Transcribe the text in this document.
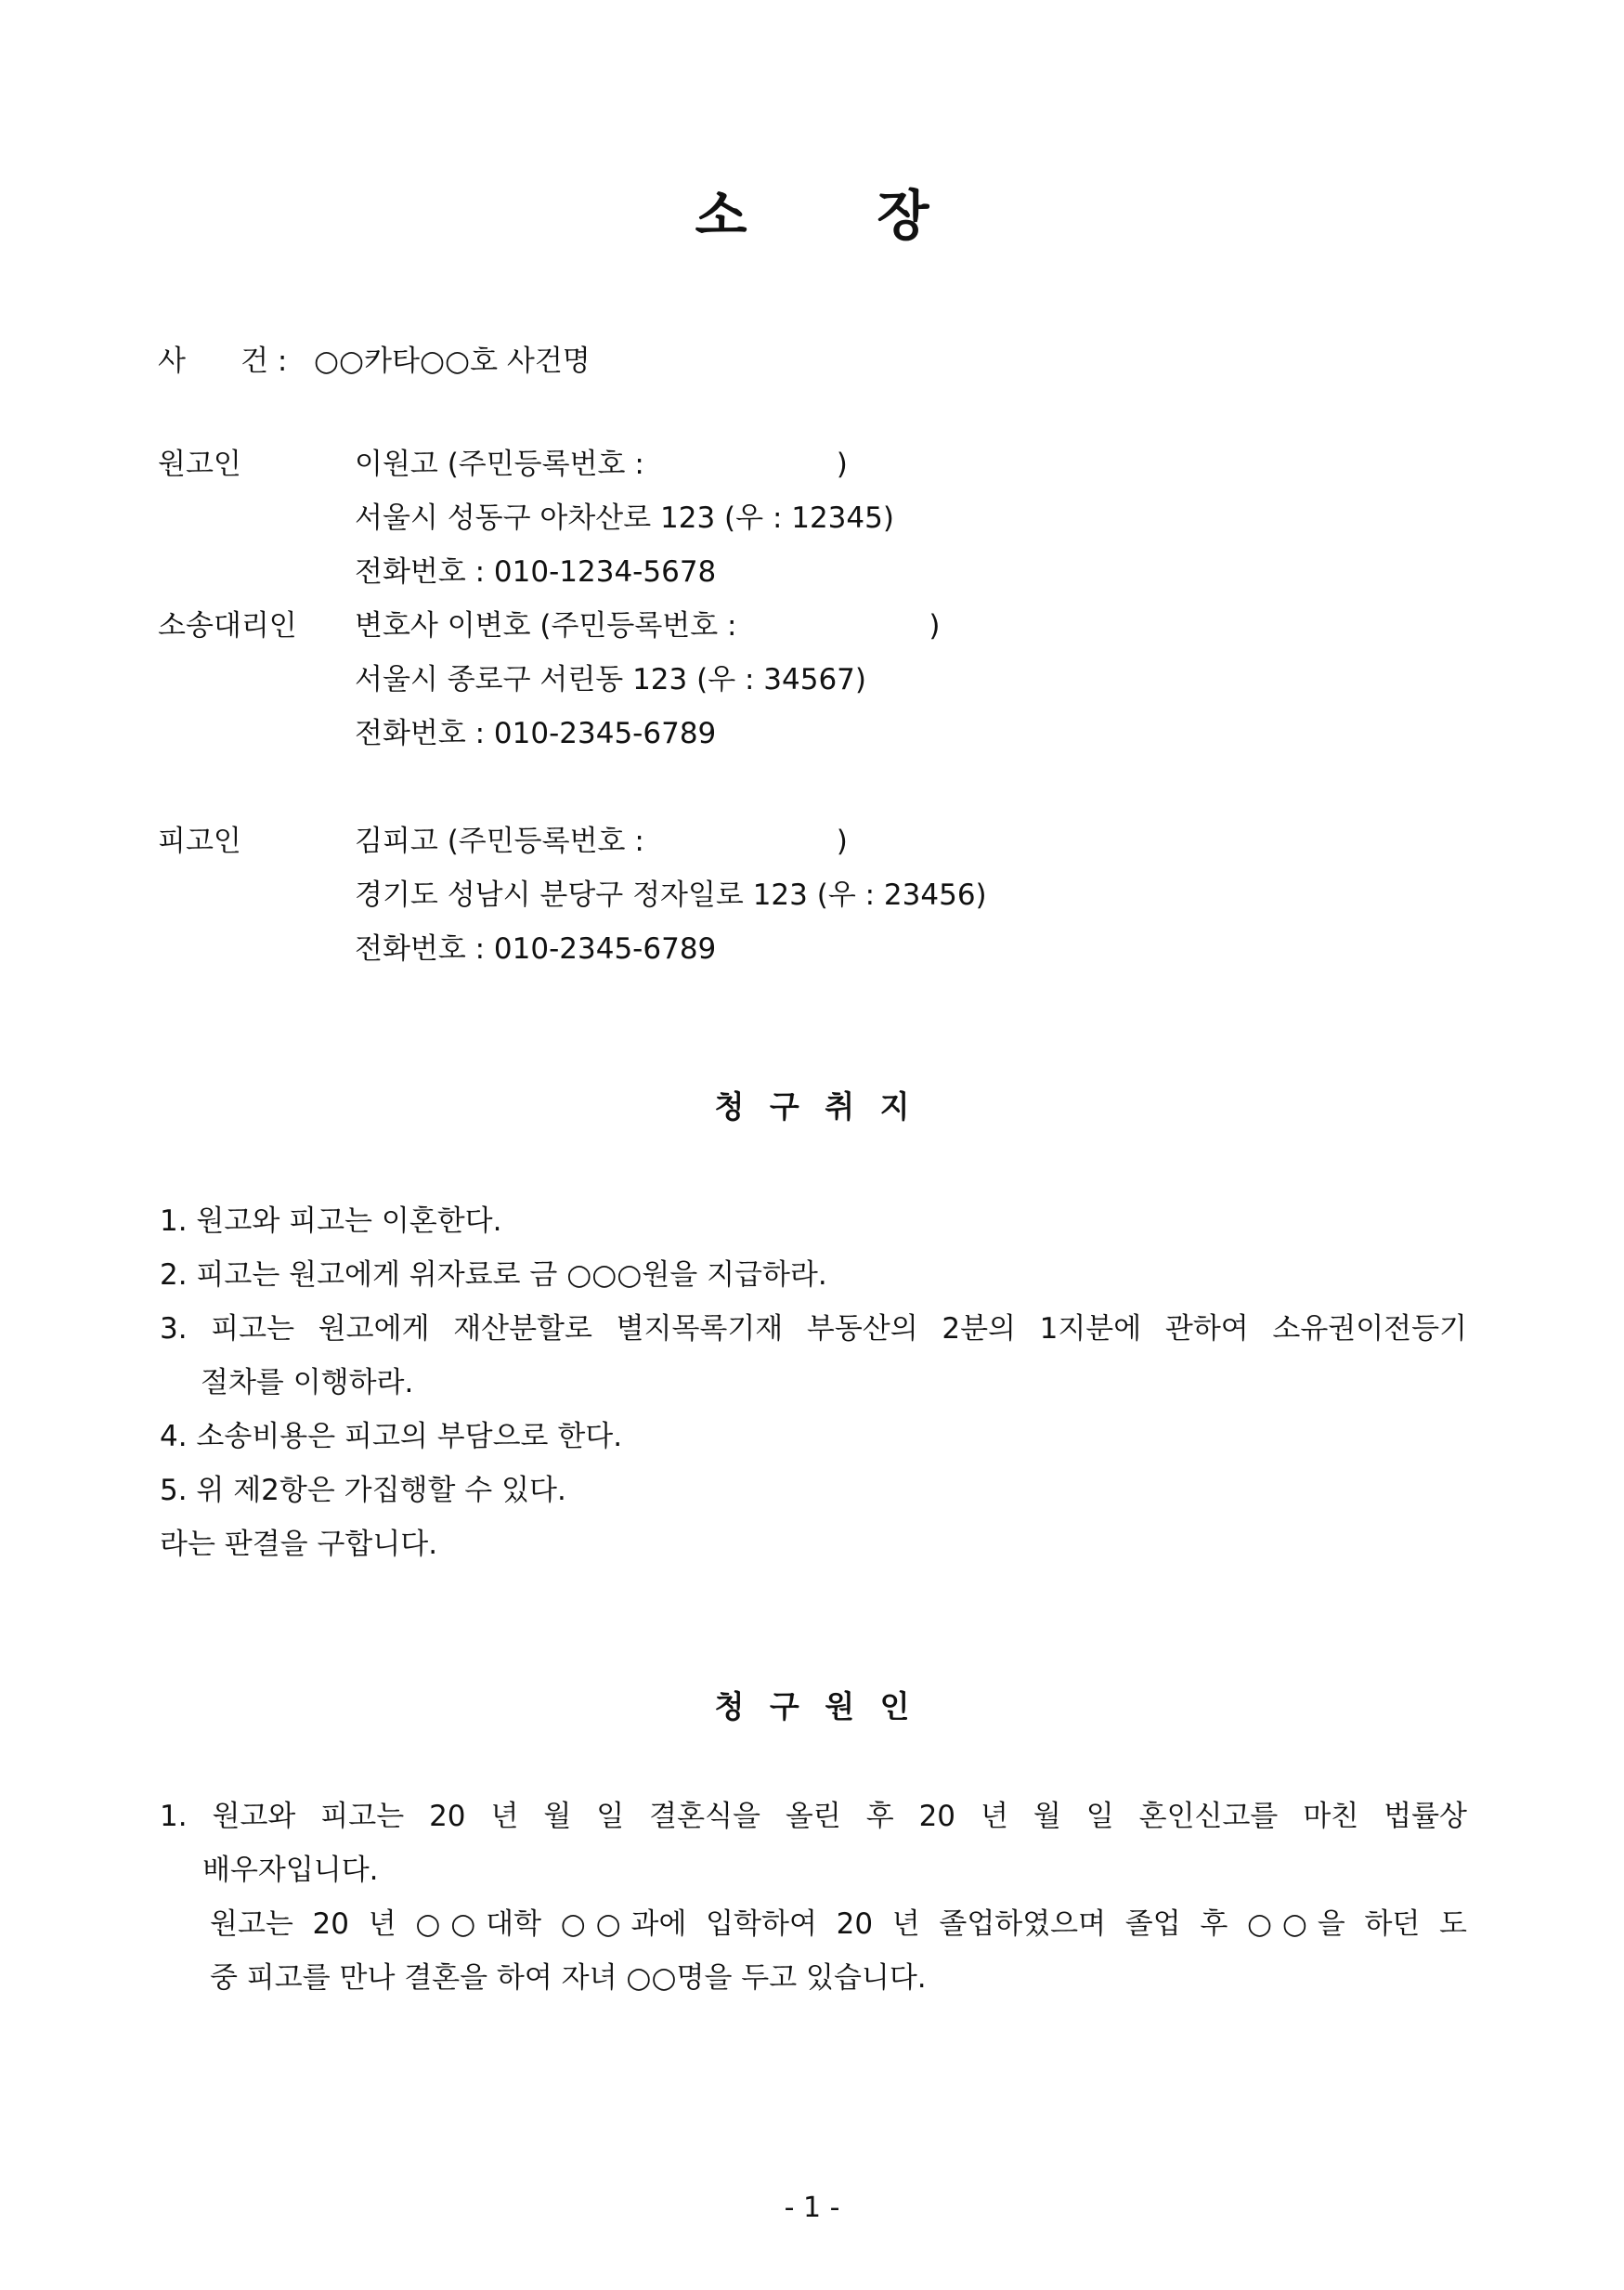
소 장
사      건 : ○○카타○○호 사건명
원고인	이원고 (주민등록번호 :                     )
서울시 성동구 아차산로 123 (우 : 12345)
전화번호 : 010-1234-5678
소송대리인 변호사 이변호 (주민등록번호 :                     )
서울시 종로구 서린동 123 (우 : 34567)
전화번호 : 010-2345-6789
피고인	김피고 (주민등록번호 :                     )
경기도 성남시 분당구 정자일로 123 (우 : 23456)
전화번호 : 010-2345-6789
청 구 취 지
1. 원고와 피고는 이혼한다.
2. 피고는 원고에게 위자료로 금 ○○○원을 지급하라.
3. 피고는 원고에게 재산분할로 별지목록기재 부동산의 2분의 1지분에 관하여 소유권이전등기
절차를 이행하라.
4. 소송비용은 피고의 부담으로 한다.
5. 위 제2항은 가집행할 수 있다.
라는 판결을 구합니다.
청 구 원 인
1. 원고와 피고는 20 년 월 일 결혼식을 올린 후 20 년 월 일 혼인신고를 마친 법률상
배우자입니다.
원고는 20 년 ○○대학 ○○과에 입학하여 20 년 졸업하였으며 졸업 후 ○○을 하던 도
중 피고를 만나 결혼을 하여 자녀 ○○명을 두고 있습니다.
- 1 -
